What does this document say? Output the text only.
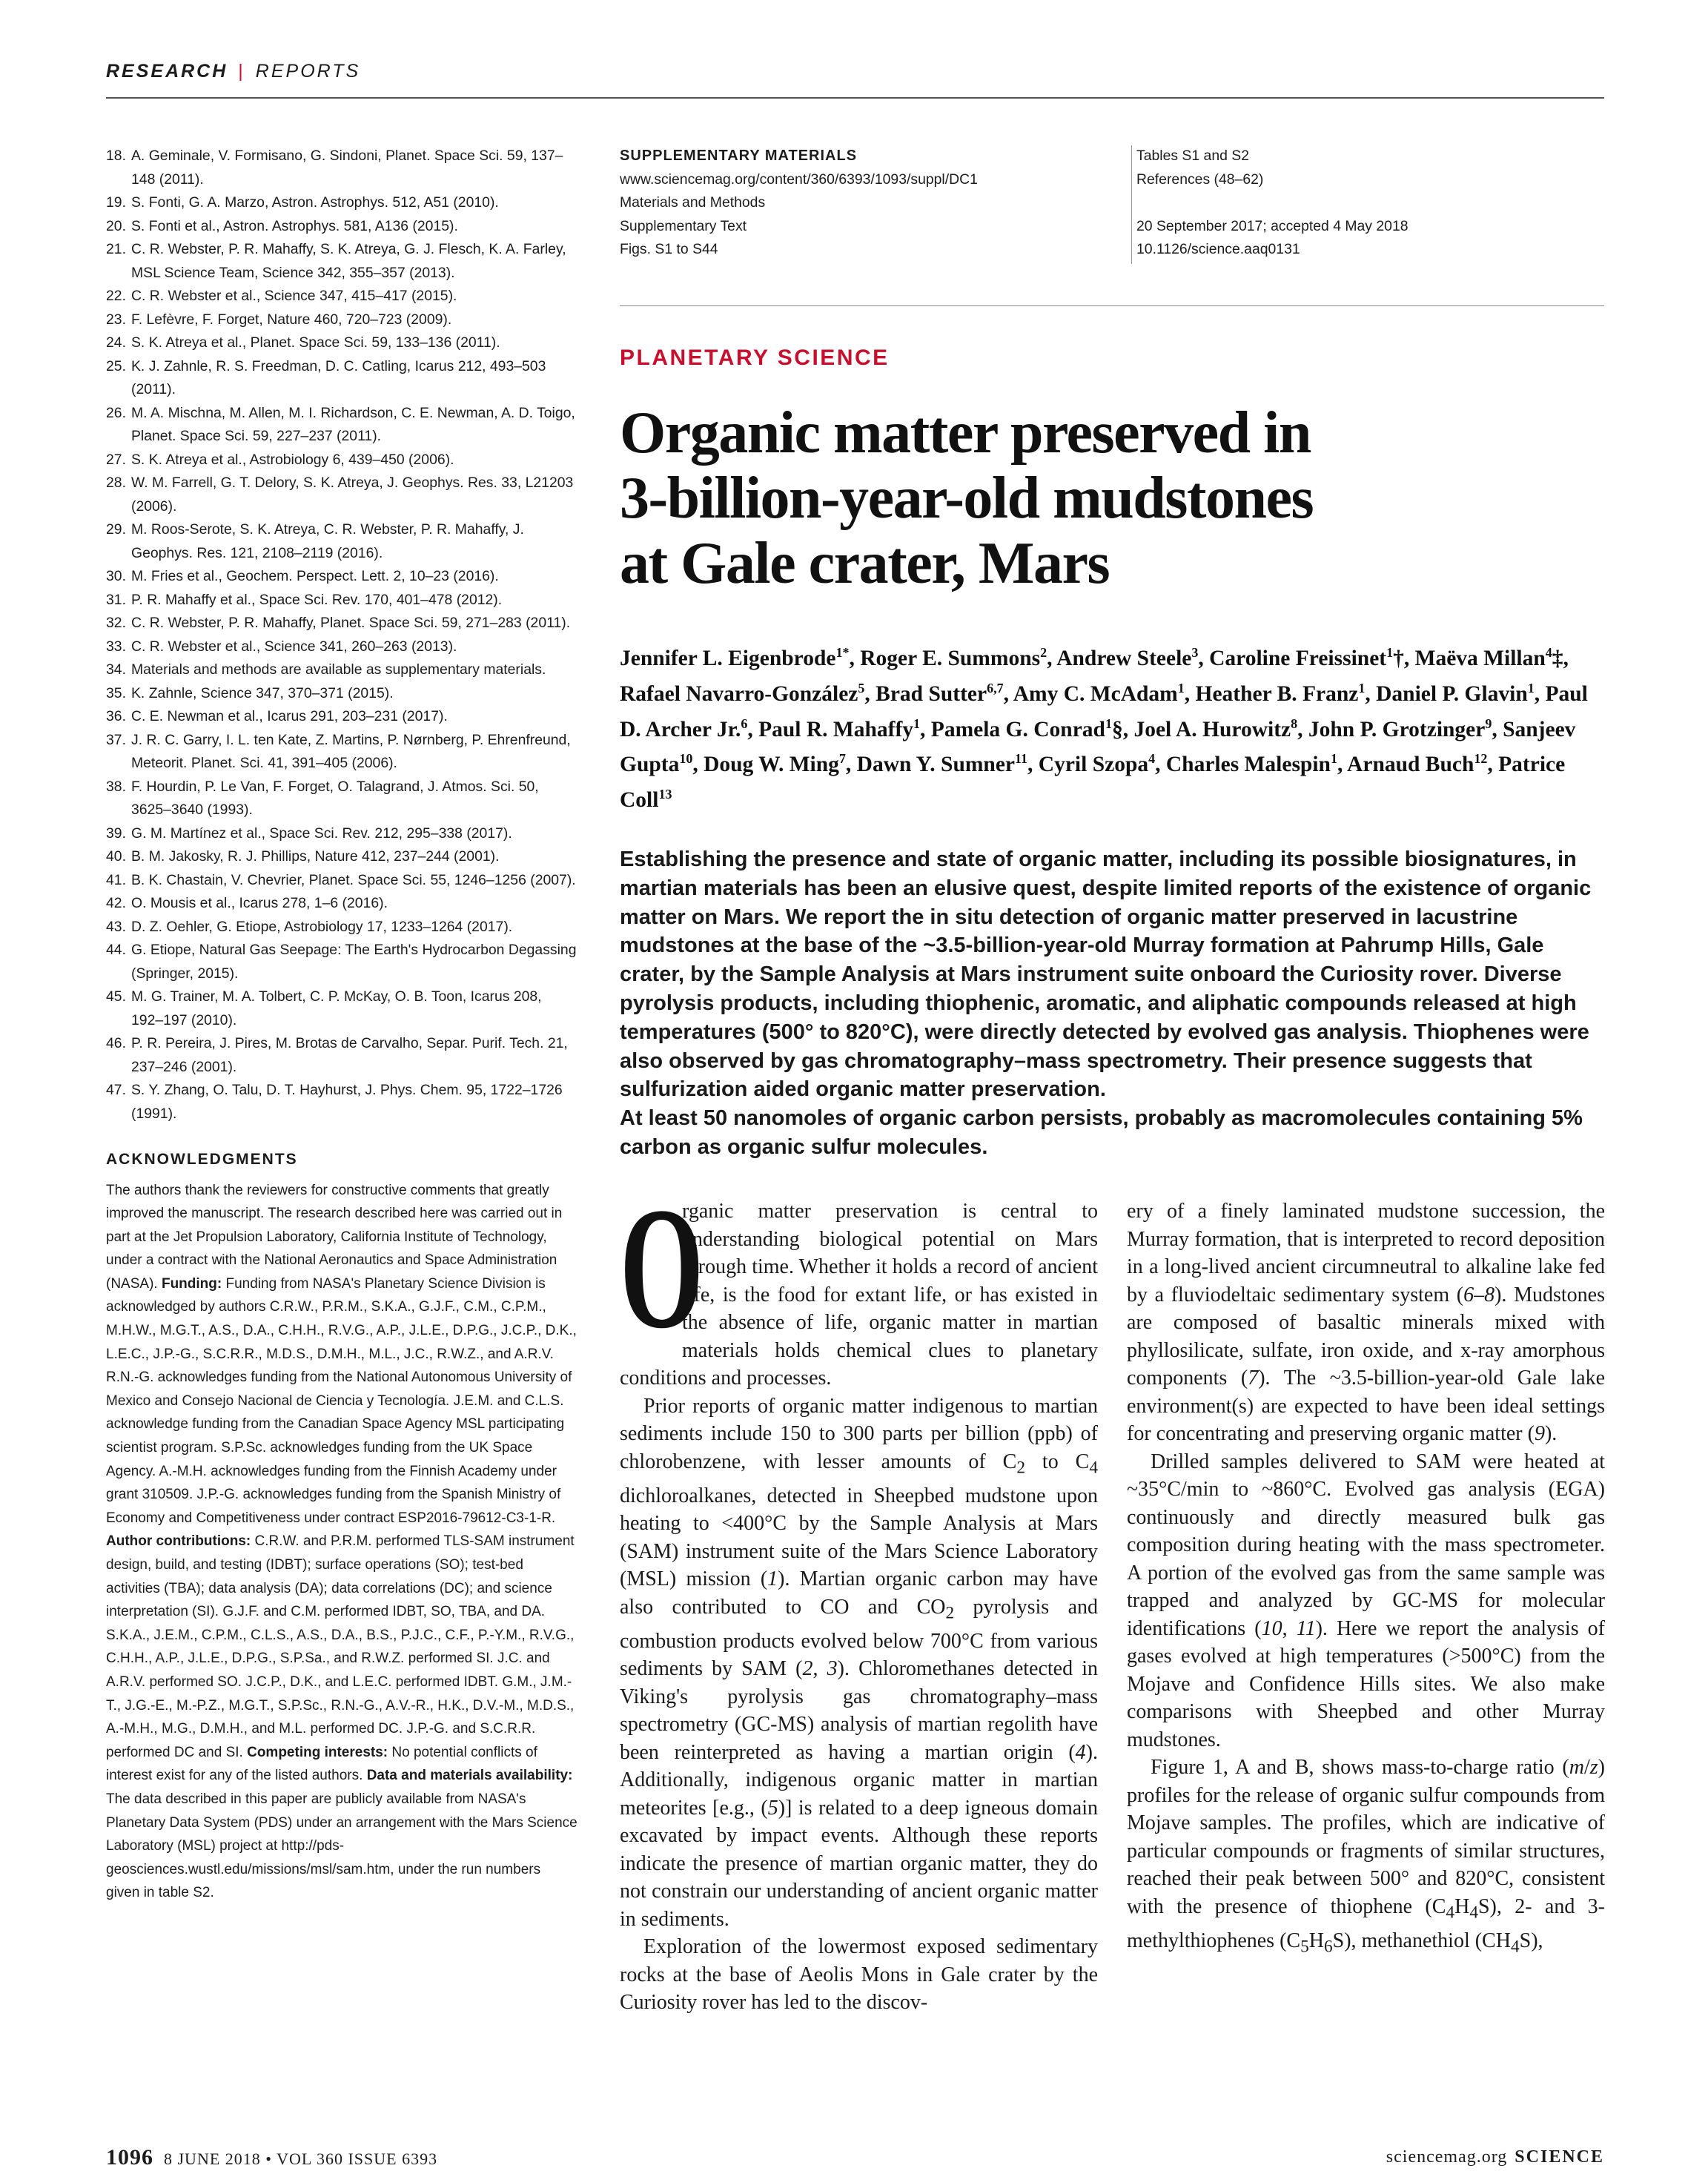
RESEARCH | REPORTS
18. A. Geminale, V. Formisano, G. Sindoni, Planet. Space Sci. 59, 137–148 (2011).
19. S. Fonti, G. A. Marzo, Astron. Astrophys. 512, A51 (2010).
20. S. Fonti et al., Astron. Astrophys. 581, A136 (2015).
21. C. R. Webster, P. R. Mahaffy, S. K. Atreya, G. J. Flesch, K. A. Farley, MSL Science Team, Science 342, 355–357 (2013).
22. C. R. Webster et al., Science 347, 415–417 (2015).
23. F. Lefèvre, F. Forget, Nature 460, 720–723 (2009).
24. S. K. Atreya et al., Planet. Space Sci. 59, 133–136 (2011).
25. K. J. Zahnle, R. S. Freedman, D. C. Catling, Icarus 212, 493–503 (2011).
26. M. A. Mischna, M. Allen, M. I. Richardson, C. E. Newman, A. D. Toigo, Planet. Space Sci. 59, 227–237 (2011).
27. S. K. Atreya et al., Astrobiology 6, 439–450 (2006).
28. W. M. Farrell, G. T. Delory, S. K. Atreya, J. Geophys. Res. 33, L21203 (2006).
29. M. Roos-Serote, S. K. Atreya, C. R. Webster, P. R. Mahaffy, J. Geophys. Res. 121, 2108–2119 (2016).
30. M. Fries et al., Geochem. Perspect. Lett. 2, 10–23 (2016).
31. P. R. Mahaffy et al., Space Sci. Rev. 170, 401–478 (2012).
32. C. R. Webster, P. R. Mahaffy, Planet. Space Sci. 59, 271–283 (2011).
33. C. R. Webster et al., Science 341, 260–263 (2013).
34. Materials and methods are available as supplementary materials.
35. K. Zahnle, Science 347, 370–371 (2015).
36. C. E. Newman et al., Icarus 291, 203–231 (2017).
37. J. R. C. Garry, I. L. ten Kate, Z. Martins, P. Nørnberg, P. Ehrenfreund, Meteorit. Planet. Sci. 41, 391–405 (2006).
38. F. Hourdin, P. Le Van, F. Forget, O. Talagrand, J. Atmos. Sci. 50, 3625–3640 (1993).
39. G. M. Martínez et al., Space Sci. Rev. 212, 295–338 (2017).
40. B. M. Jakosky, R. J. Phillips, Nature 412, 237–244 (2001).
41. B. K. Chastain, V. Chevrier, Planet. Space Sci. 55, 1246–1256 (2007).
42. O. Mousis et al., Icarus 278, 1–6 (2016).
43. D. Z. Oehler, G. Etiope, Astrobiology 17, 1233–1264 (2017).
44. G. Etiope, Natural Gas Seepage: The Earth's Hydrocarbon Degassing (Springer, 2015).
45. M. G. Trainer, M. A. Tolbert, C. P. McKay, O. B. Toon, Icarus 208, 192–197 (2010).
46. P. R. Pereira, J. Pires, M. Brotas de Carvalho, Separ. Purif. Tech. 21, 237–246 (2001).
47. S. Y. Zhang, O. Talu, D. T. Hayhurst, J. Phys. Chem. 95, 1722–1726 (1991).
ACKNOWLEDGMENTS
The authors thank the reviewers for constructive comments that greatly improved the manuscript. The research described here was carried out in part at the Jet Propulsion Laboratory, California Institute of Technology, under a contract with the National Aeronautics and Space Administration (NASA). Funding: Funding from NASA's Planetary Science Division is acknowledged by authors C.R.W., P.R.M., S.K.A., G.J.F., C.M., C.P.M., M.H.W., M.G.T., A.S., D.A., C.H.H., R.V.G., A.P., J.L.E., D.P.G., J.C.P., D.K., L.E.C., J.P.-G., S.C.R.R., M.D.S., D.M.H., M.L., J.C., R.W.Z., and A.R.V. R.N.-G. acknowledges funding from the National Autonomous University of Mexico and Consejo Nacional de Ciencia y Tecnología. J.E.M. and C.L.S. acknowledge funding from the Canadian Space Agency MSL participating scientist program. S.P.Sc. acknowledges funding from the UK Space Agency. A.-M.H. acknowledges funding from the Finnish Academy under grant 310509. J.P.-G. acknowledges funding from the Spanish Ministry of Economy and Competitiveness under contract ESP2016-79612-C3-1-R. Author contributions: C.R.W. and P.R.M. performed TLS-SAM instrument design, build, and testing (IDBT); surface operations (SO); test-bed activities (TBA); data analysis (DA); data correlations (DC); and science interpretation (SI). G.J.F. and C.M. performed IDBT, SO, TBA, and DA. S.K.A., J.E.M., C.P.M., C.L.S., A.S., D.A., B.S., P.J.C., C.F., P.-Y.M., R.V.G., C.H.H., A.P., J.L.E., D.P.G., S.P.Sa., and R.W.Z. performed SI. J.C. and A.R.V. performed SO. J.C.P., D.K., and L.E.C. performed IDBT. G.M., J.M.-T., J.G.-E., M.-P.Z., M.G.T., S.P.Sc., R.N.-G., A.V.-R., H.K., D.V.-M., M.D.S., A.-M.H., M.G., D.M.H., and M.L. performed DC. J.P.-G. and S.C.R.R. performed DC and SI. Competing interests: No potential conflicts of interest exist for any of the listed authors. Data and materials availability: The data described in this paper are publicly available from NASA's Planetary Data System (PDS) under an arrangement with the Mars Science Laboratory (MSL) project at http://pds-geosciences.wustl.edu/missions/msl/sam.htm, under the run numbers given in table S2.
SUPPLEMENTARY MATERIALS
www.sciencemag.org/content/360/6393/1093/suppl/DC1
Materials and Methods
Supplementary Text
Figs. S1 to S44
Tables S1 and S2
References (48–62)
20 September 2017; accepted 4 May 2018
10.1126/science.aaq0131
PLANETARY SCIENCE
Organic matter preserved in
3-billion-year-old mudstones
at Gale crater, Mars
Jennifer L. Eigenbrode$^{1*}$, Roger E. Summons$^2$, Andrew Steele$^3$, Caroline Freissinet$^1$†, Maëva Millan$^4$‡, Rafael Navarro-González$^5$, Brad Sutter$^{6,7}$, Amy C. McAdam$^1$, Heather B. Franz$^1$, Daniel P. Glavin$^1$, Paul D. Archer Jr.$^6$, Paul R. Mahaffy$^1$, Pamela G. Conrad$^1$§, Joel A. Hurowitz$^8$, John P. Grotzinger$^9$, Sanjeev Gupta$^{10}$, Doug W. Ming$^7$, Dawn Y. Sumner$^{11}$, Cyril Szopa$^4$, Charles Malespin$^1$, Arnaud Buch$^{12}$, Patrice Coll$^{13}$
Establishing the presence and state of organic matter, including its possible biosignatures, in martian materials has been an elusive quest, despite limited reports of the existence of organic matter on Mars. We report the in situ detection of organic matter preserved in lacustrine mudstones at the base of the ~3.5-billion-year-old Murray formation at Pahrump Hills, Gale crater, by the Sample Analysis at Mars instrument suite onboard the Curiosity rover. Diverse pyrolysis products, including thiophenic, aromatic, and aliphatic compounds released at high temperatures (500° to 820°C), were directly detected by evolved gas analysis. Thiophenes were also observed by gas chromatography–mass spectrometry. Their presence suggests that sulfurization aided organic matter preservation.
At least 50 nanomoles of organic carbon persists, probably as macromolecules containing 5% carbon as organic sulfur molecules.

O
rganic matter preservation is central to understanding biological potential on Mars through time. Whether it holds a record of ancient life, is the food for extant life, or has existed in the absence of life, organic matter in martian materials holds chemical clues to planetary conditions and processes.

Prior reports of organic matter indigenous to martian sediments include 150 to 300 parts per billion (ppb) of chlorobenzene, with lesser amounts of $C_2$ to $C_4$ dichloroalkanes, detected in Sheepbed mudstone upon heating to <400°C by the Sample Analysis at Mars (SAM) instrument suite of the Mars Science Laboratory (MSL) mission (1). Martian organic carbon may have also contributed to CO and $CO_2$ pyrolysis and combustion products evolved below 700°C from various sediments by SAM (2, 3). Chloromethanes detected in Viking's pyrolysis gas chromatography–mass spectrometry (GC-MS) analysis of martian regolith have been reinterpreted as having a martian origin (4). Additionally, indigenous organic matter in martian meteorites [e.g., (5)] is related to a deep igneous domain excavated by impact events. Although these reports indicate the presence of martian organic matter, they do not constrain our understanding of ancient organic matter in sediments.

Exploration of the lowermost exposed sedimentary rocks at the base of Aeolis Mons in Gale crater by the Curiosity rover has led to the discov-

ery of a finely laminated mudstone succession, the Murray formation, that is interpreted to record deposition in a long-lived ancient circumneutral to alkaline lake fed by a fluviodeltaic sedimentary system (6–8). Mudstones are composed of basaltic minerals mixed with phyllosilicate, sulfate, iron oxide, and x-ray amorphous components (7). The ~3.5-billion-year-old Gale lake environment(s) are expected to have been ideal settings for concentrating and preserving organic matter (9).

Drilled samples delivered to SAM were heated at ~35°C/min to ~860°C. Evolved gas analysis (EGA) continuously and directly measured bulk gas composition during heating with the mass spectrometer. A portion of the evolved gas from the same sample was trapped and analyzed by GC-MS for molecular identifications (10, 11). Here we report the analysis of gases evolved at high temperatures (>500°C) from the Mojave and Confidence Hills sites. We also make comparisons with Sheepbed and other Murray mudstones.

Figure 1, A and B, shows mass-to-charge ratio (m/z) profiles for the release of organic sulfur compounds from Mojave samples. The profiles, which are indicative of particular compounds or fragments of similar structures, reached their peak between 500° and 820°C, consistent with the presence of thiophene $(C_4H_4S)$, 2- and 3-methylthiophenes $(C_5H_6S)$, methanethiol $(CH_4S)$,

1096 8 JUNE 2018 • VOL 360 ISSUE 6393	sciencemag.org SCIENCE
